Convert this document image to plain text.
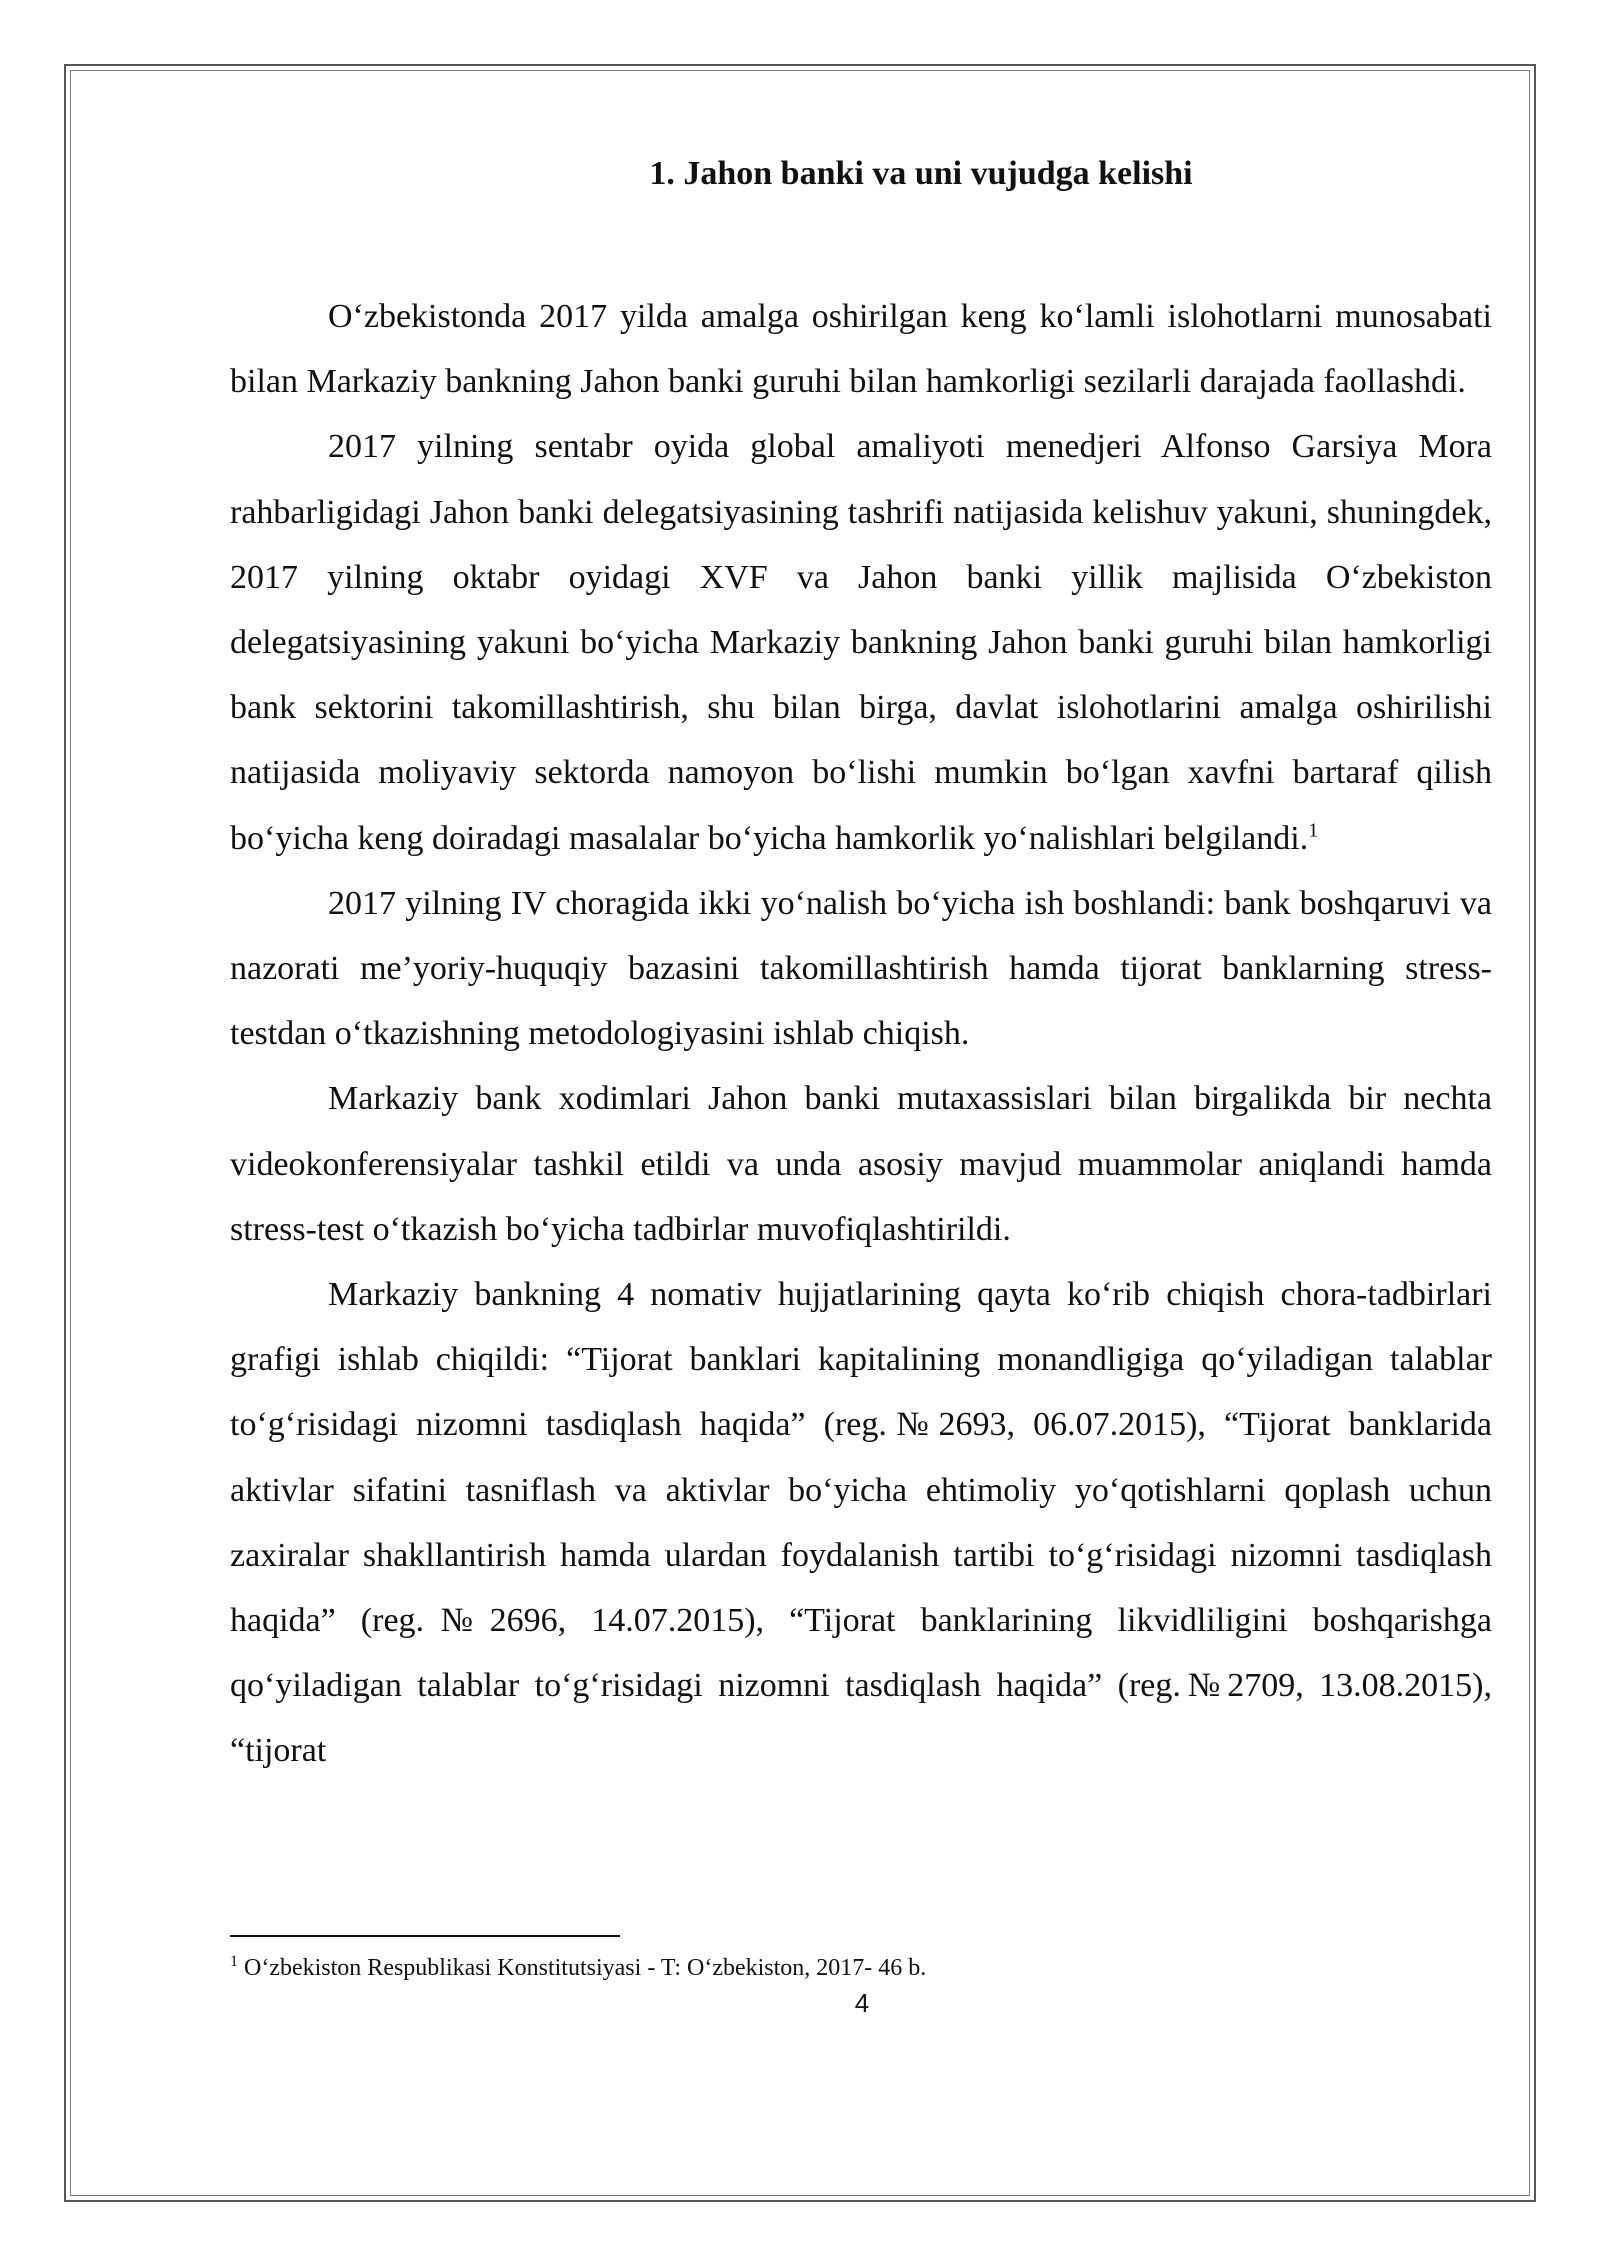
1. Jahon banki va uni vujudga kelishi

O‘zbekistonda 2017 yilda amalga oshirilgan keng ko‘lamli islohotlarni munosabati bilan Markaziy bankning Jahon banki guruhi bilan hamkorligi sezilarli darajada faollashdi.

2017 yilning sentabr oyida global amaliyoti menedjeri Alfonso Garsiya Mora rahbarligidagi Jahon banki delegatsiyasining tashrifi natijasida kelishuv yakuni, shuningdek, 2017 yilning oktabr oyidagi XVF va Jahon banki yillik majlisida O‘zbekiston delegatsiyasining yakuni bo‘yicha Markaziy bankning Jahon banki guruhi bilan hamkorligi bank sektorini takomillashtirish, shu bilan birga, davlat islohotlarini amalga oshirilishi natijasida moliyaviy sektorda namoyon bo‘lishi mumkin bo‘lgan xavfni bartaraf qilish bo‘yicha keng doiradagi masalalar bo‘yicha hamkorlik yo‘nalishlari belgilandi.$^1$

2017 yilning IV choragida ikki yo‘nalish bo‘yicha ish boshlandi: bank boshqaruvi va nazorati me’yoriy-huquqiy bazasini takomillashtirish hamda tijorat banklarning stress-testdan o‘tkazishning metodologiyasini ishlab chiqish.

Markaziy bank xodimlari Jahon banki mutaxassislari bilan birgalikda bir nechta videokonferensiyalar tashkil etildi va unda asosiy mavjud muammolar aniqlandi hamda stress-test o‘tkazish bo‘yicha tadbirlar muvofiqlashtirildi.

Markaziy bankning 4 nomativ hujjatlarining qayta ko‘rib chiqish chora-tadbirlari grafigi ishlab chiqildi: “Tijorat banklari kapitalining monandligiga qo‘yiladigan talablar to‘g‘risidagi nizomni tasdiqlash haqida” (reg.№2693, 06.07.2015), “Tijorat banklarida aktivlar sifatini tasniflash va aktivlar bo‘yicha ehtimoliy yo‘qotishlarni qoplash uchun zaxiralar shakllantirish hamda ulardan foydalanish tartibi to‘g‘risidagi nizomni tasdiqlash haqida” (reg.№2696, 14.07.2015), “Tijorat banklarining likvidliligini boshqarishga qo‘yiladigan talablar to‘g‘risidagi nizomni tasdiqlash haqida” (reg.№2709, 13.08.2015), “tijorat

$^1$ O‘zbekiston Respublikasi Konstitutsiyasi - T: O‘zbekiston, 2017- 46 b.

4
